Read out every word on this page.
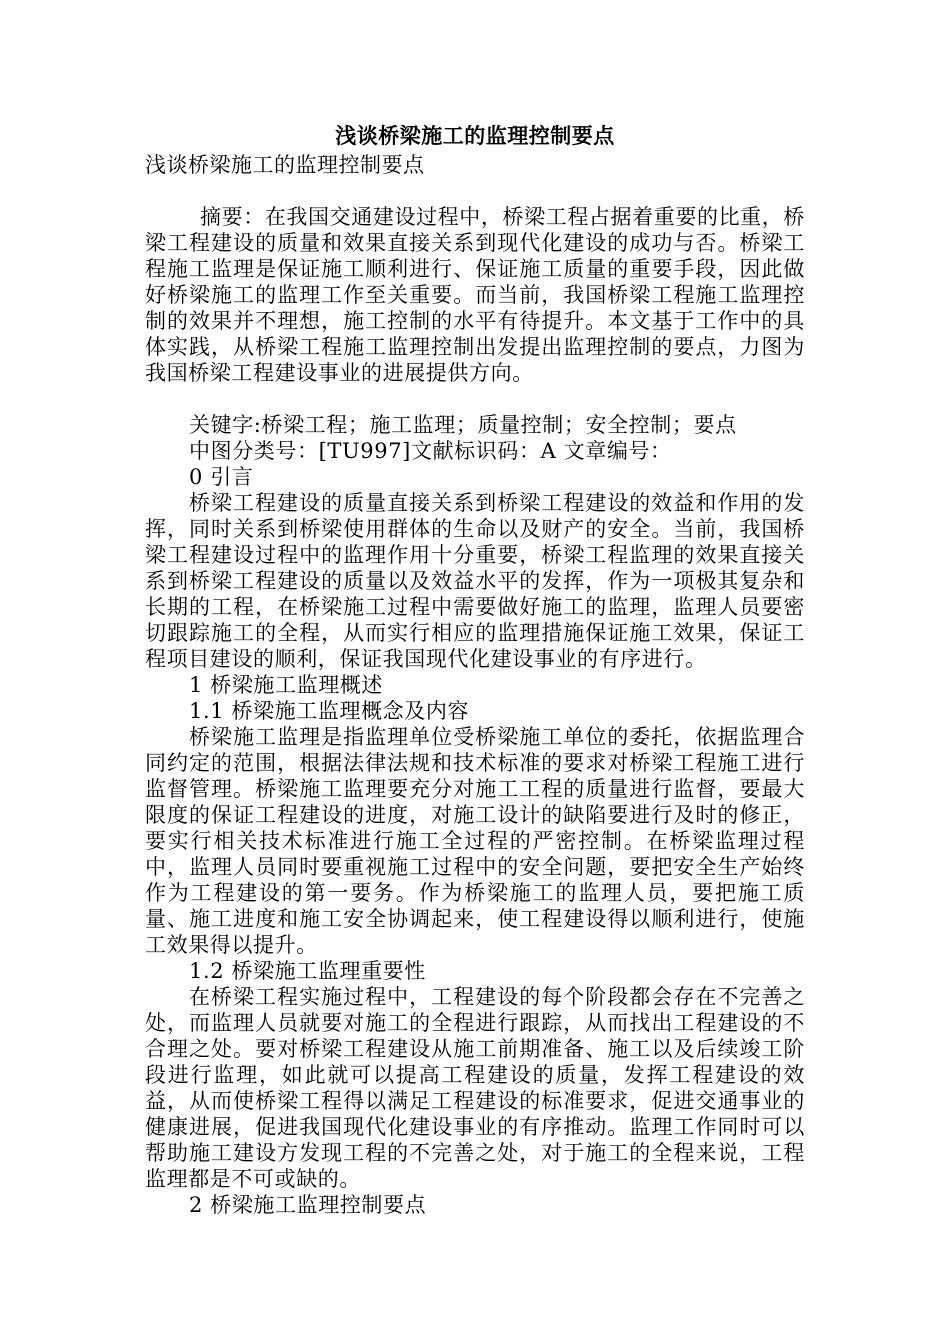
浅谈桥梁施工的监理控制要点
浅谈桥梁施工的监理控制要点

摘要：在我国交通建设过程中，桥梁工程占据着重要的比重，桥梁工程建设的质量和效果直接关系到现代化建设的成功与否。桥梁工程施工监理是保证施工顺利进行、保证施工质量的重要手段，因此做好桥梁施工的监理工作至关重要。而当前，我国桥梁工程施工监理控制的效果并不理想，施工控制的水平有待提升。本文基于工作中的具体实践，从桥梁工程施工监理控制出发提出监理控制的要点，力图为我国桥梁工程建设事业的进展提供方向。

关键字:桥梁工程；施工监理；质量控制；安全控制；要点

中图分类号：[TU997]文献标识码：A 文章编号：

0 引言

桥梁工程建设的质量直接关系到桥梁工程建设的效益和作用的发挥，同时关系到桥梁使用群体的生命以及财产的安全。当前，我国桥梁工程建设过程中的监理作用十分重要，桥梁工程监理的效果直接关系到桥梁工程建设的质量以及效益水平的发挥，作为一项极其复杂和长期的工程，在桥梁施工过程中需要做好施工的监理，监理人员要密切跟踪施工的全程，从而实行相应的监理措施保证施工效果，保证工程项目建设的顺利，保证我国现代化建设事业的有序进行。

1 桥梁施工监理概述

1.1 桥梁施工监理概念及内容

桥梁施工监理是指监理单位受桥梁施工单位的委托，依据监理合同约定的范围，根据法律法规和技术标准的要求对桥梁工程施工进行监督管理。桥梁施工监理要充分对施工工程的质量进行监督，要最大限度的保证工程建设的进度，对施工设计的缺陷要进行及时的修正，要实行相关技术标准进行施工全过程的严密控制。在桥梁监理过程中，监理人员同时要重视施工过程中的安全问题，要把安全生产始终作为工程建设的第一要务。作为桥梁施工的监理人员，要把施工质量、施工进度和施工安全协调起来，使工程建设得以顺利进行，使施工效果得以提升。

1.2 桥梁施工监理重要性

在桥梁工程实施过程中，工程建设的每个阶段都会存在不完善之处，而监理人员就要对施工的全程进行跟踪，从而找出工程建设的不合理之处。要对桥梁工程建设从施工前期准备、施工以及后续竣工阶段进行监理，如此就可以提高工程建设的质量，发挥工程建设的效益，从而使桥梁工程得以满足工程建设的标准要求，促进交通事业的健康进展，促进我国现代化建设事业的有序推动。监理工作同时可以帮助施工建设方发现工程的不完善之处，对于施工的全程来说，工程监理都是不可或缺的。

2 桥梁施工监理控制要点
